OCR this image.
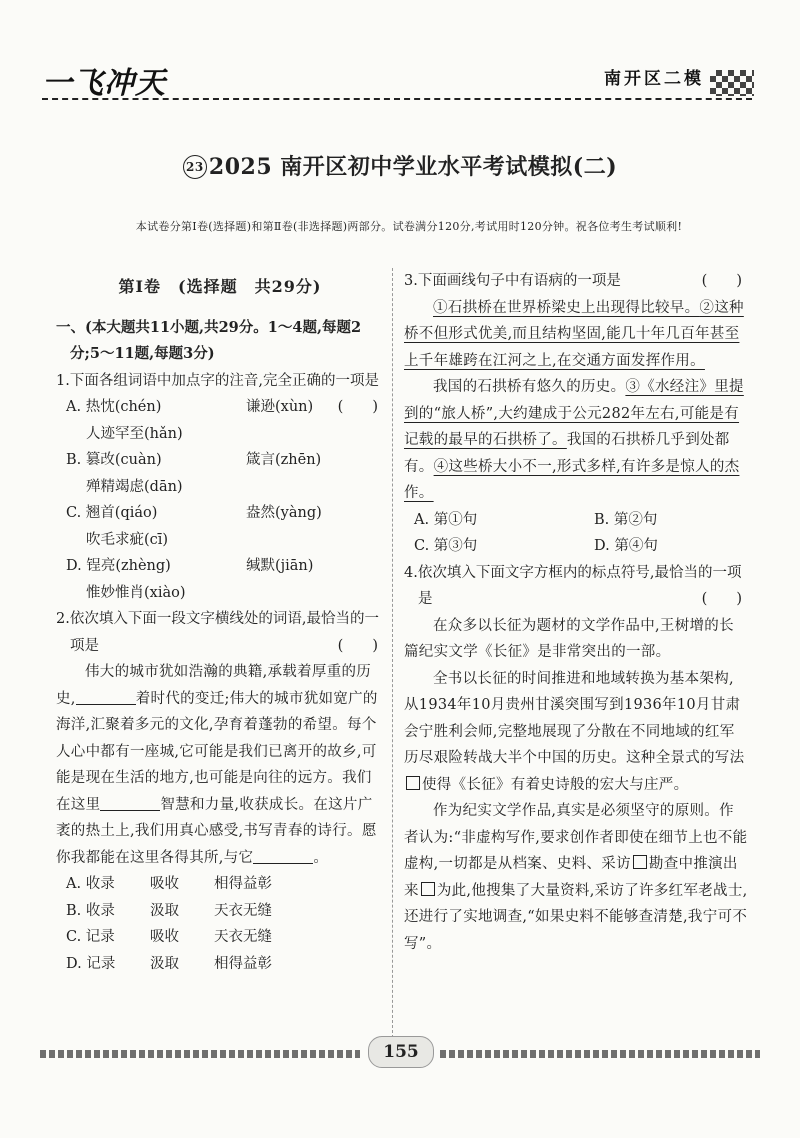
一飞冲天	南开区二模
23 2025 南开区初中学业水平考试模拟(二)
本试卷分第Ⅰ卷(选择题)和第Ⅱ卷(非选择题)两部分。试卷满分120分,考试用时120分钟。祝各位考生考试顺利!
第Ⅰ卷　(选择题　共29分)

一、(本大题共11小题,共29分。1～4题,每题2分;5～11题,每题3分)

1.下面各组词语中加点字的注音,完全正确的一项是
(　　)

A. 热忱(chén)	谦逊(xùn)

人迹罕至(hǎn)

B. 篡改(cuàn)	箴言(zhēn)

殚精竭虑(dān)

C. 翘首(qiáo)	盎然(yàng)

吹毛求疵(cī)

D. 锃亮(zhèng)	缄默(jiān)

惟妙惟肖(xiào)

2.依次填入下面一段文字横线处的词语,最恰当的一项是	(　　)

伟大的城市犹如浩瀚的典籍,承载着厚重的历史,	着时代的变迁;伟大的城市犹如宽广的海洋,汇聚着多元的文化,孕育着蓬勃的希望。每个人心中都有一座城,它可能是我们已离开的故乡,可能是现在生活的地方,也可能是向往的远方。我们在这里	智慧和力量,收获成长。在这片广袤的热土上,我们用真心感受,书写青春的诗行。愿你我都能在这里各得其所,与它	。

A. 收录	吸收	相得益彰
B. 收录	汲取	天衣无缝
C. 记录	吸收	天衣无缝
D. 记录	汲取	相得益彰

3.下面画线句子中有语病的一项是	(　　)

①石拱桥在世界桥梁史上出现得比较早。②这种桥不但形式优美,而且结构坚固,能几十年几百年甚至上千年雄跨在江河之上,在交通方面发挥作用。

我国的石拱桥有悠久的历史。③《水经注》里提到的“旅人桥”,大约建成于公元282年左右,可能是有记载的最早的石拱桥了。我国的石拱桥几乎到处都有。④这些桥大小不一,形式多样,有许多是惊人的杰作。

A. 第①句	B. 第②句
C. 第③句	D. 第④句

4.依次填入下面文字方框内的标点符号,最恰当的一项是	(　　)

在众多以长征为题材的文学作品中,王树增的长篇纪实文学《长征》是非常突出的一部。

全书以长征的时间推进和地域转换为基本架构,从1934年10月贵州甘溪突围写到1936年10月甘肃会宁胜利会师,完整地展现了分散在不同地域的红军历尽艰险转战大半个中国的历史。这种全景式的写法使得《长征》有着史诗般的宏大与庄严。

作为纪实文学作品,真实是必须坚守的原则。作者认为:“非虚构写作,要求创作者即使在细节上也不能虚构,一切都是从档案、史料、采访 勘查中推演出来 为此,他搜集了大量资料,采访了许多红军老战士,还进行了实地调查,“如果史料不能够查清楚,我宁可不写”。

155
